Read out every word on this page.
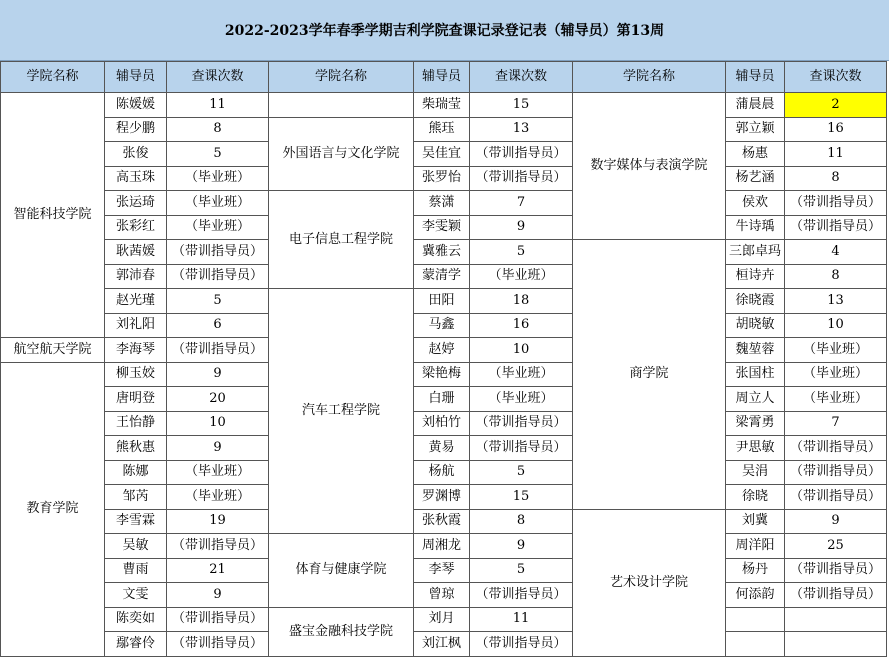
2022-2023学年春季学期吉利学院查课记录登记表（辅导员）第13周
学院名称	辅导员	查课次数	学院名称	辅导员	查课次数	学院名称	辅导员	查课次数
智能科技学院	陈媛媛	11		柴瑞莹	15	数字媒体与表演学院	蒲晨晨	2
	程少鹏	8	外国语言与文化学院	熊珏	13		郭立颖	16
	张俊	5		吴佳宜	（带训指导员）		杨惠	11
	高玉珠	（毕业班）		张罗怡	（带训指导员）		杨艺涵	8
	张运琦	（毕业班）	电子信息工程学院	蔡潇	7		侯欢	（带训指导员）
	张彩红	（毕业班）		李雯颖	9		牛诗瑀	（带训指导员）
	耿茜媛	（带训指导员）		冀雅云	5	商学院	三郎卓玛	4
	郭沛春	（带训指导员）		蒙清学	（毕业班）		桓诗卉	8
	赵光瑾	5	汽车工程学院	田阳	18		徐晓霞	13
	刘礼阳	6		马鑫	16		胡晓敏	10
航空航天学院	李海琴	（带训指导员）		赵婷	10		魏堃蓉	（毕业班）
教育学院	柳玉姣	9		梁艳梅	（毕业班）		张国柱	（毕业班）
	唐明登	20		白珊	（毕业班）		周立人	（毕业班）
	王怡静	10		刘柏竹	（带训指导员）		梁霄勇	7
	熊秋惠	9		黄易	（带训指导员）		尹思敏	（带训指导员）
	陈娜	（毕业班）		杨航	5		吴涓	（带训指导员）
	邹芮	（毕业班）		罗渊博	15		徐晓	（带训指导员）
	李雪霖	19		张秋霞	8	艺术设计学院	刘冀	9
	吴敏	（带训指导员）	体育与健康学院	周湘龙	9		周洋阳	25
	曹雨	21		李琴	5		杨丹	（带训指导员）
	文雯	9		曾琼	（带训指导员）		何添韵	（带训指导员）
	陈奕如	（带训指导员）	盛宝金融科技学院	刘月	11			
	鄢睿伶	（带训指导员）		刘江枫	（带训指导员）			
